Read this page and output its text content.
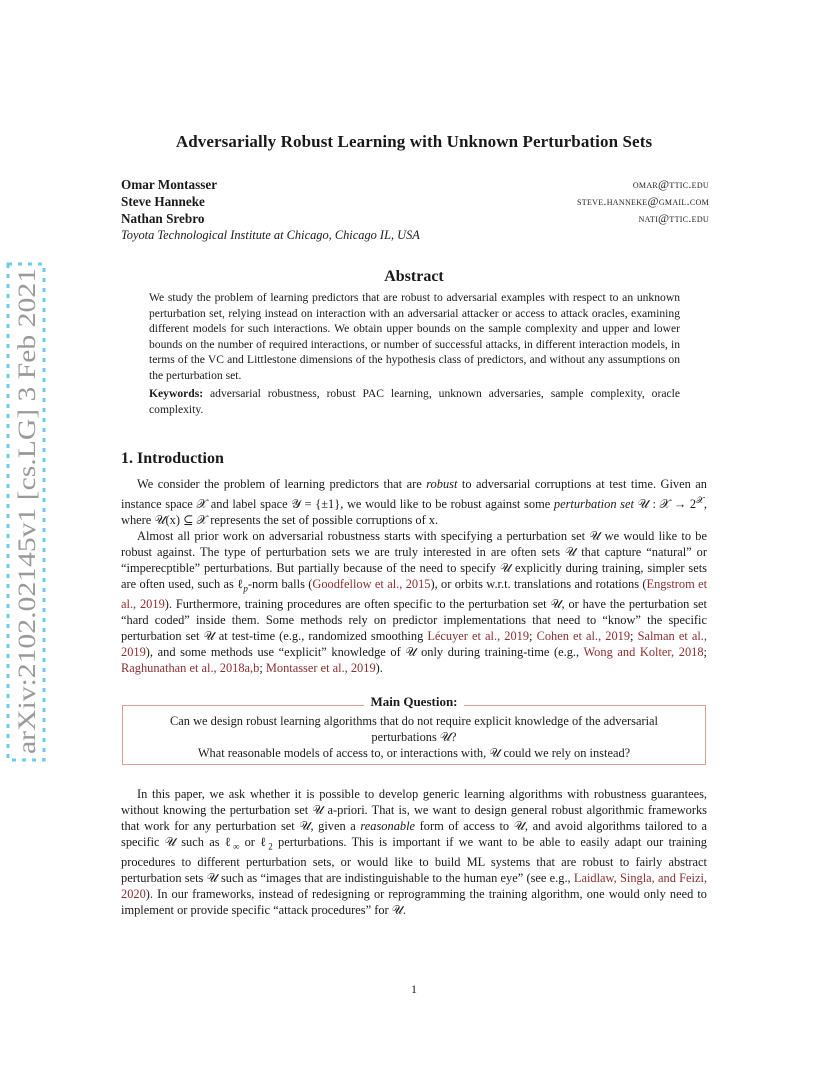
arXiv:2102.02145v1 [cs.LG] 3 Feb 2021
Adversarially Robust Learning with Unknown Perturbation Sets
Omar Montasser	omar@ttic.edu
Steve Hanneke	steve.hanneke@gmail.com
Nathan Srebro	nati@ttic.edu
Toyota Technological Institute at Chicago, Chicago IL, USA
Abstract

We study the problem of learning predictors that are robust to adversarial examples with respect to an unknown perturbation set, relying instead on interaction with an adversarial attacker or access to attack oracles, examining different models for such interactions. We obtain upper bounds on the sample complexity and upper and lower bounds on the number of required interactions, or number of successful attacks, in different interaction models, in terms of the VC and Littlestone dimensions of the hypothesis class of predictors, and without any assumptions on the perturbation set.

Keywords: adversarial robustness, robust PAC learning, unknown adversaries, sample complexity, oracle complexity.

1. Introduction

We consider the problem of learning predictors that are robust to adversarial corruptions at test time. Given an instance space 𝒳 and label space 𝒴 = {±1}, we would like to be robust against some perturbation set 𝒰 : 𝒳 → $2^𝒳$, where 𝒰(x) ⊆ 𝒳 represents the set of possible corruptions of x.

Almost all prior work on adversarial robustness starts with specifying a perturbation set 𝒰 we would like to be robust against. The type of perturbation sets we are truly interested in are often sets 𝒰 that capture “natural” or “imperecptible” perturbations. But partially because of the need to specify 𝒰 explicitly during training, simpler sets are often used, such as ℓ$_p$-norm balls (Goodfellow et al., 2015), or orbits w.r.t. translations and rotations (Engstrom et al., 2019). Furthermore, training procedures are often specific to the perturbation set 𝒰, or have the perturbation set “hard coded” inside them. Some methods rely on predictor implementations that need to “know” the specific perturbation set 𝒰 at test-time (e.g., randomized smoothing Lécuyer et al., 2019; Cohen et al., 2019; Salman et al., 2019), and some methods use “explicit” knowledge of 𝒰 only during training-time (e.g., Wong and Kolter, 2018; Raghunathan et al., 2018a,b; Montasser et al., 2019).

Main Question:

Can we design robust learning algorithms that do not require explicit knowledge of the adversarial perturbations 𝒰?

What reasonable models of access to, or interactions with, 𝒰 could we rely on instead?

In this paper, we ask whether it is possible to develop generic learning algorithms with robustness guarantees, without knowing the perturbation set 𝒰 a-priori. That is, we want to design general robust algorithmic frameworks that work for any perturbation set 𝒰, given a reasonable form of access to 𝒰, and avoid algorithms tailored to a specific 𝒰 such as ℓ$_\infty$ or ℓ$_2$ perturbations. This is important if we want to be able to easily adapt our training procedures to different perturbation sets, or would like to build ML systems that are robust to fairly abstract perturbation sets 𝒰 such as “images that are indistinguishable to the human eye” (see e.g., Laidlaw, Singla, and Feizi, 2020). In our frameworks, instead of redesigning or reprogramming the training algorithm, one would only need to implement or provide specific “attack procedures” for 𝒰.

1
